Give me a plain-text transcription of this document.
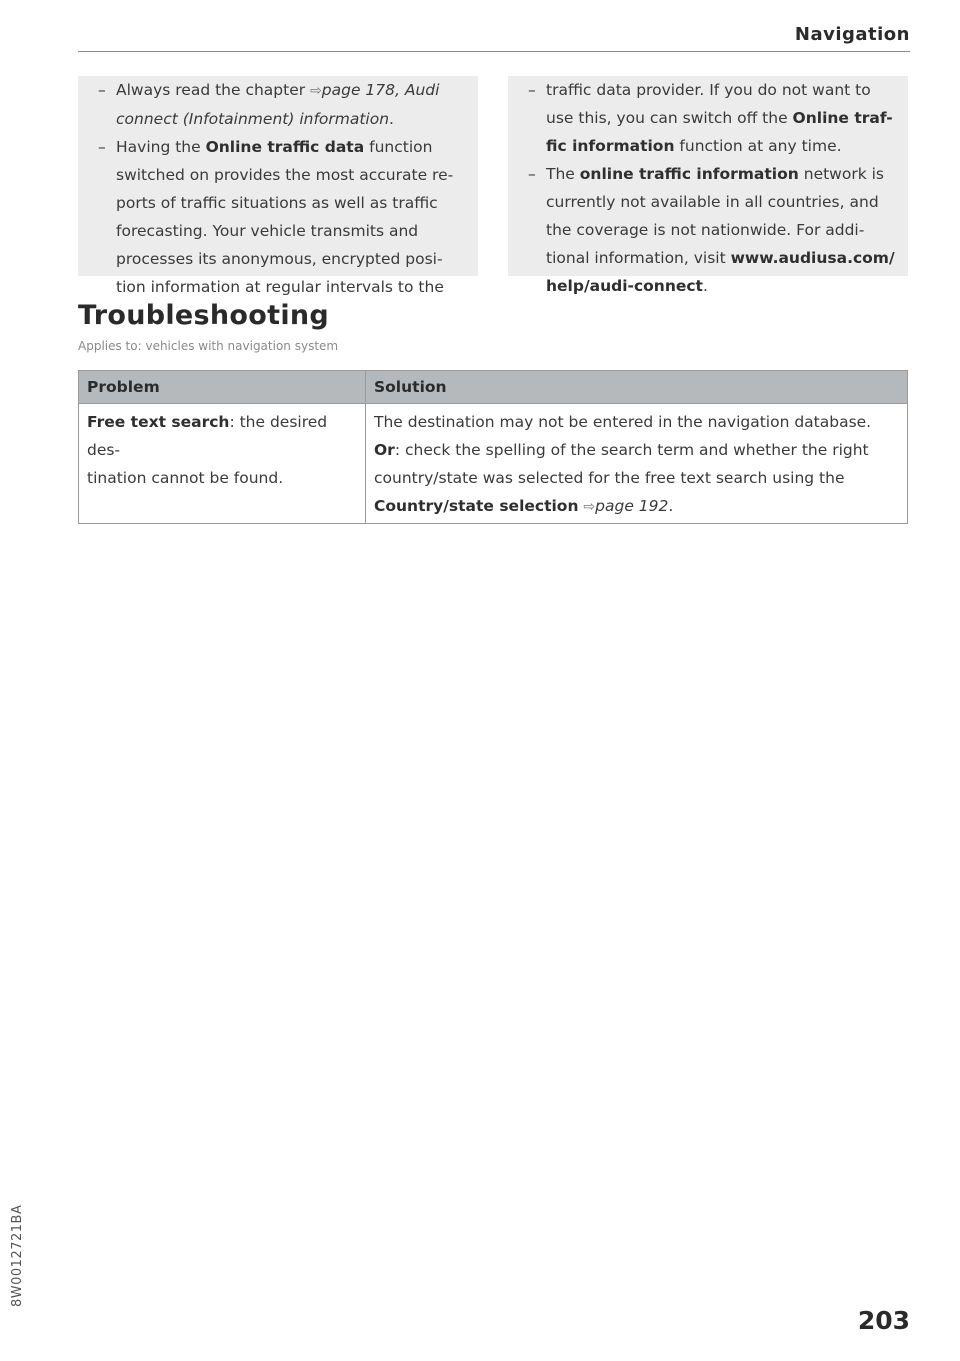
Navigation
– Always read the chapter ⇨page 178, Audi
connect (Infotainment) information.
– Having the Online traffic data function
switched on provides the most accurate re-
ports of traffic situations as well as traffic
forecasting. Your vehicle transmits and
processes its anonymous, encrypted posi-
tion information at regular intervals to the
– traffic data provider. If you do not want to
use this, you can switch off the Online traf-
fic information function at any time.
– The online traffic information network is
currently not available in all countries, and
the coverage is not nationwide. For addi-
tional information, visit www.audiusa.com/
help/audi-connect.
Troubleshooting
Applies to: vehicles with navigation system
Problem	Solution
Free text search: the desired des-
tination cannot be found.	The destination may not be entered in the navigation database.
Or: check the spelling of the search term and whether the right
country/state was selected for the free text search using the
Country/state selection ⇨page 192.
8W0012721BA
203
